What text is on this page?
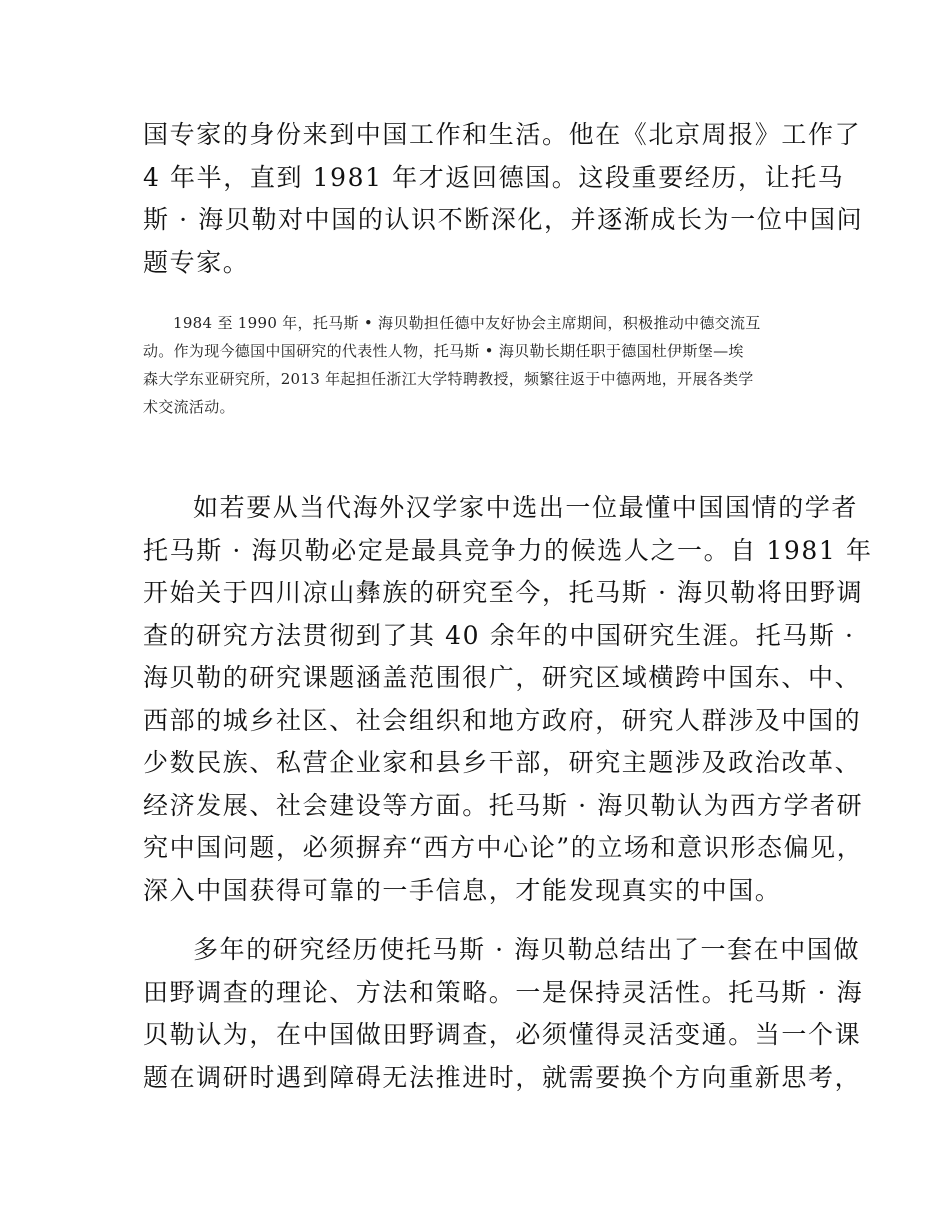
国专家的身份来到中国工作和生活。他在《北京周报》工作了
4 年半，直到 1981 年才返回德国。这段重要经历，让托马
斯 · 海贝勒对中国的认识不断深化，并逐渐成长为一位中国问
题专家。
1984 至 1990 年，托马斯 • 海贝勒担任德中友好协会主席期间，积极推动中德交流互
动。作为现今德国中国研究的代表性人物，托马斯 • 海贝勒长期任职于德国杜伊斯堡—埃
森大学东亚研究所，2013 年起担任浙江大学特聘教授，频繁往返于中德两地，开展各类学
术交流活动。
如若要从当代海外汉学家中选出一位最懂中国国情的学者
托马斯 · 海贝勒必定是最具竞争力的候选人之一。自 1981 年
开始关于四川凉山彝族的研究至今，托马斯 · 海贝勒将田野调
查的研究方法贯彻到了其 40 余年的中国研究生涯。托马斯 ·
海贝勒的研究课题涵盖范围很广，研究区域横跨中国东、中、
西部的城乡社区、社会组织和地方政府，研究人群涉及中国的
少数民族、私营企业家和县乡干部，研究主题涉及政治改革、
经济发展、社会建设等方面。托马斯 · 海贝勒认为西方学者研
究中国问题，必须摒弃“西方中心论”的立场和意识形态偏见，
深入中国获得可靠的一手信息，才能发现真实的中国。
多年的研究经历使托马斯 · 海贝勒总结出了一套在中国做
田野调查的理论、方法和策略。一是保持灵活性。托马斯 · 海
贝勒认为，在中国做田野调查，必须懂得灵活变通。当一个课
题在调研时遇到障碍无法推进时，就需要换个方向重新思考，
